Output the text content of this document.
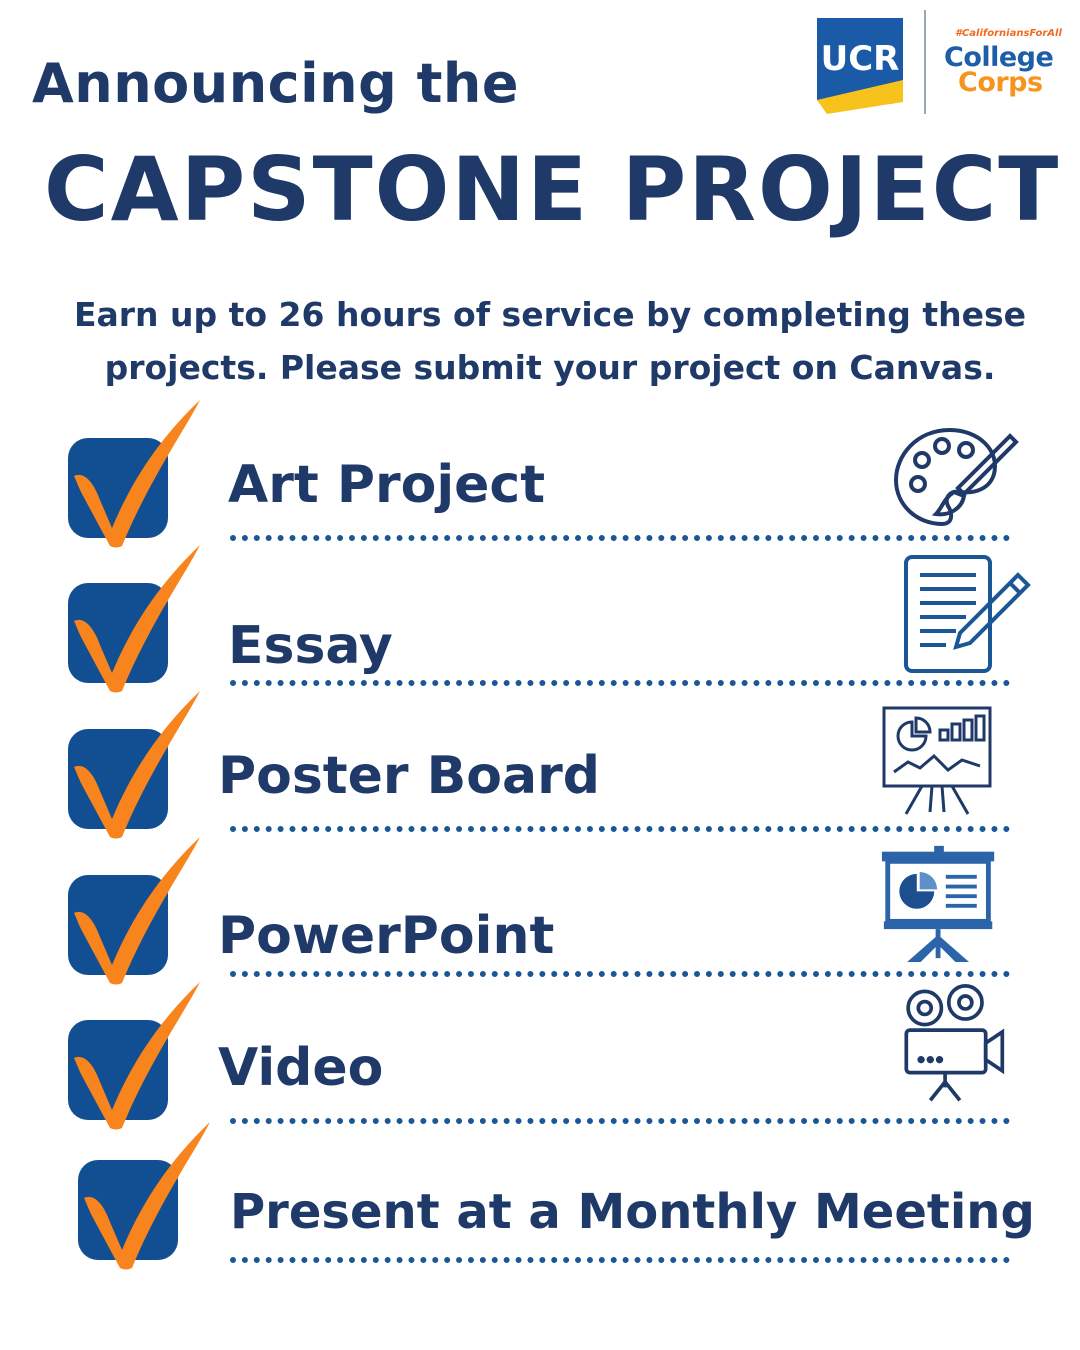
UCR
#CaliforniansForAll
College
Corps
Announcing the
CAPSTONE PROJECT
Earn up to 26 hours of service by completing these
projects. Please submit your project on Canvas.
Art Project
Essay
Poster Board
PowerPoint
Video
Present at a Monthly Meeting
